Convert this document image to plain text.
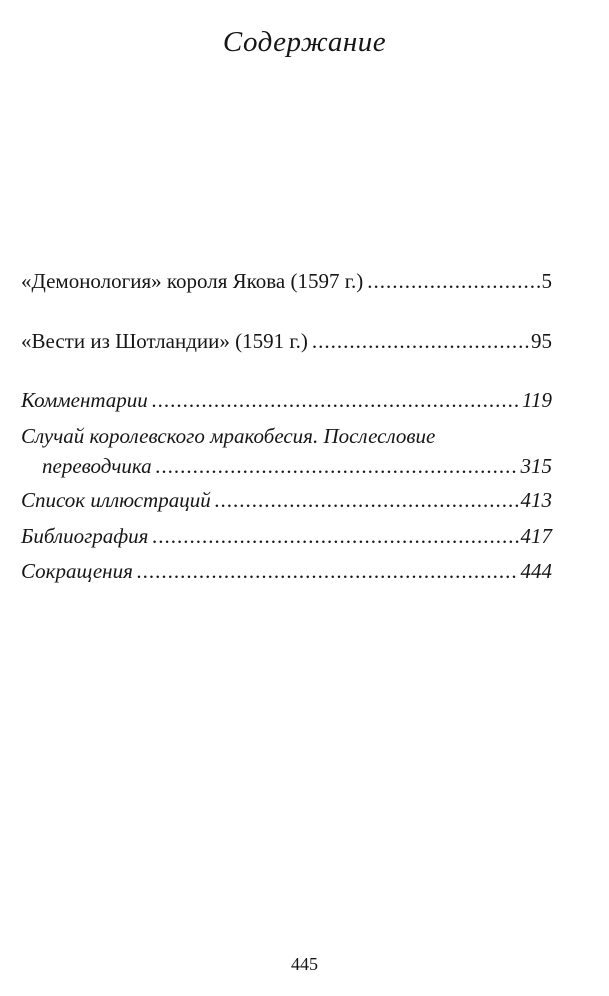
Содержание
«Демонология» короля Якова (1597 г.) .....	5
«Вести из Шотландии» (1591 г.) .....	95
Комментарии .....	119
Случай королевского мракобесия. Послесловие
переводчика .....	315
Список иллюстраций .....	413
Библиография .....	417
Сокращения .....	444
445
